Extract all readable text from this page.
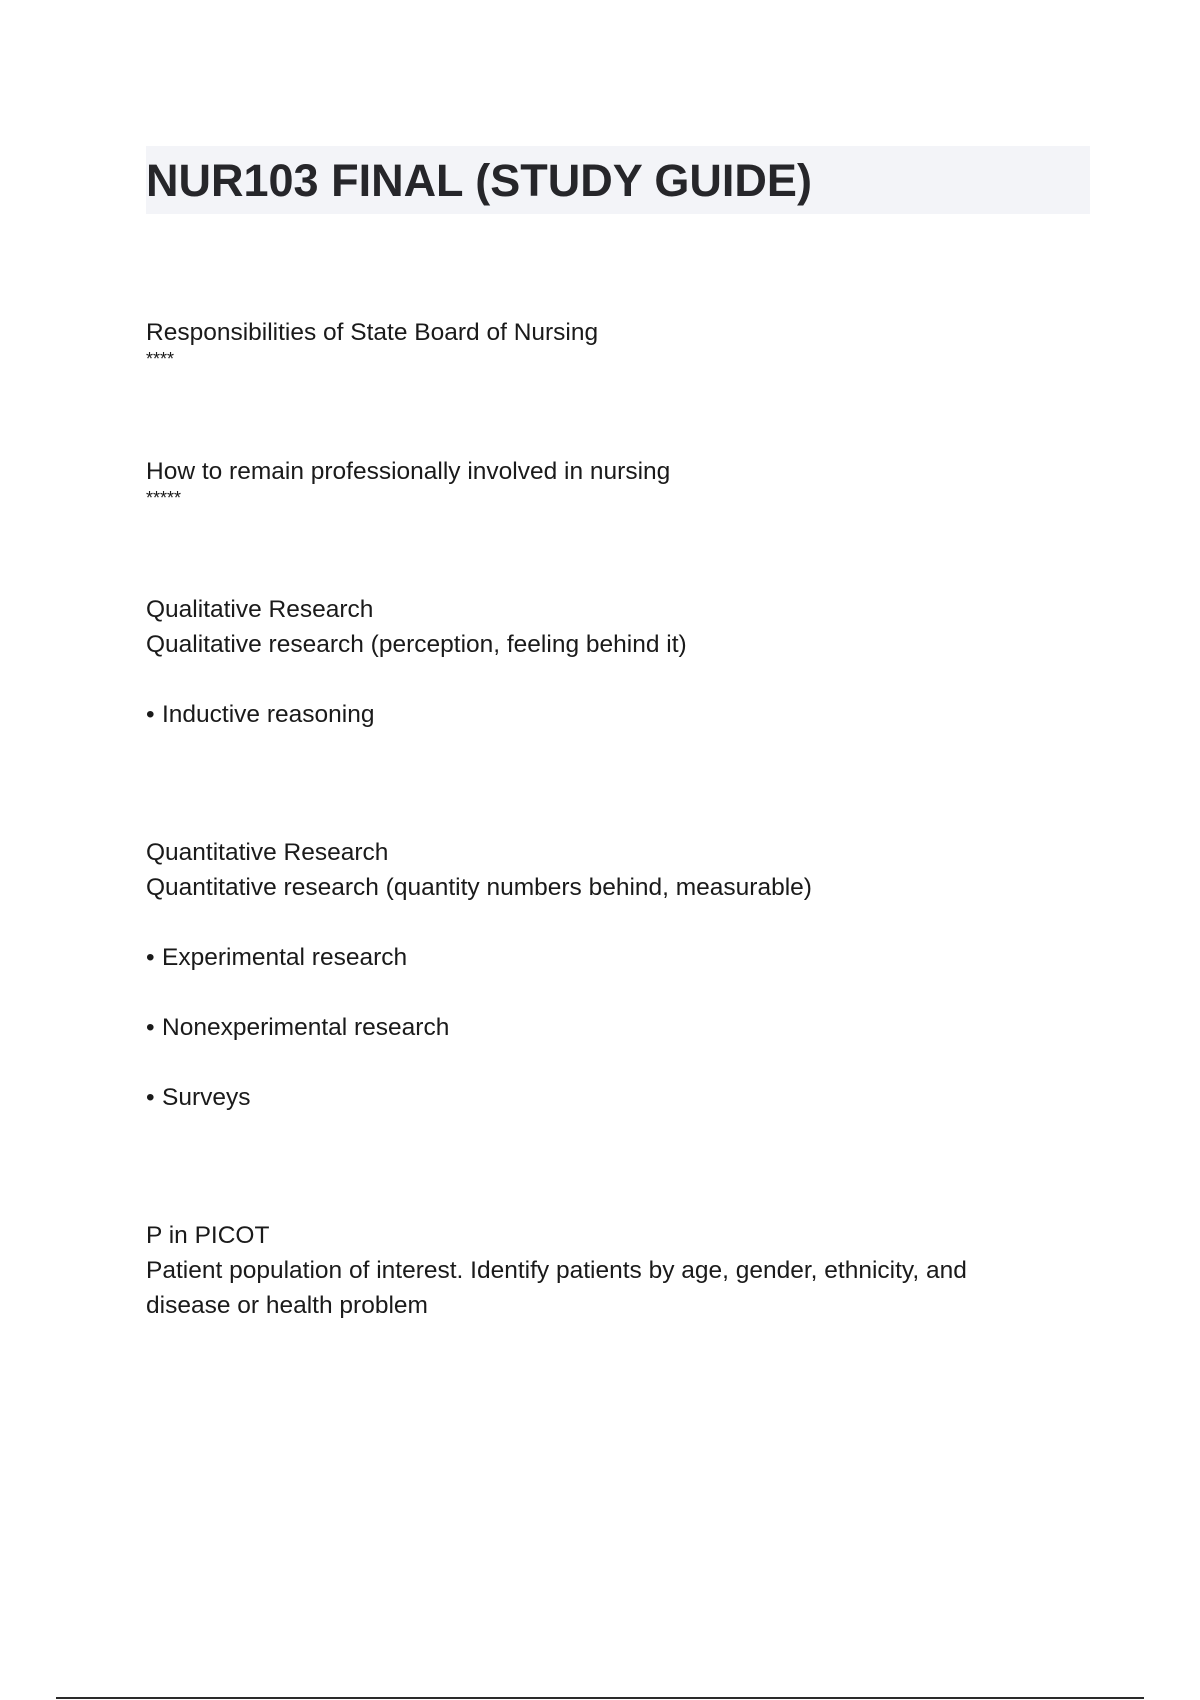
NUR103 FINAL (STUDY GUIDE)
Responsibilities of State Board of Nursing
****
How to remain professionally involved in nursing
*****
Qualitative Research
Qualitative research (perception, feeling behind it)
• Inductive reasoning
Quantitative Research
Quantitative research (quantity numbers behind, measurable)
• Experimental research
• Nonexperimental research
• Surveys
P in PICOT
Patient population of interest. Identify patients by age, gender, ethnicity, and disease or health problem
